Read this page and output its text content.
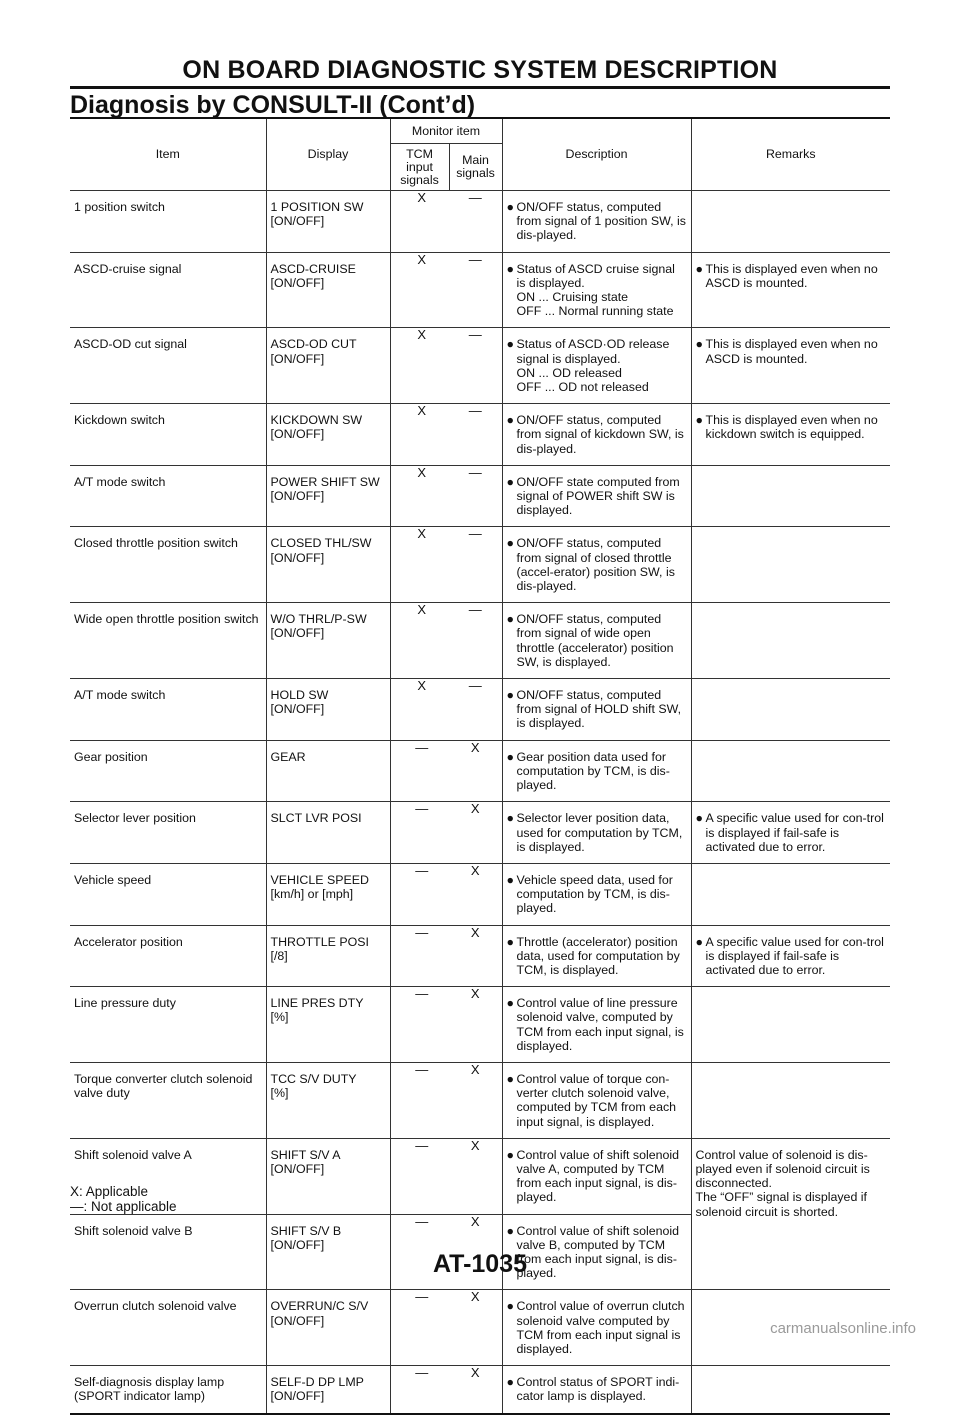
ON BOARD DIAGNOSTIC SYSTEM DESCRIPTION
Diagnosis by CONSULT-II (Cont’d)
Item	Display	Monitor item		Description	Remarks
		TCM input signals	Main signals		
1 position switch	1 POSITION SW
[ON/OFF]	X	—	● ON/OFF status, computed from signal of 1 position SW, is dis-played.	

ASCD-cruise signal	ASCD-CRUISE
[ON/OFF]	X	—	● Status of ASCD cruise signal is displayed.
ON ... Cruising state
OFF ... Normal running state	● This is displayed even when no ASCD is mounted.

ASCD-OD cut signal	ASCD-OD CUT
[ON/OFF]	X	—	● Status of ASCD·OD release signal is displayed.
ON ... OD released
OFF ... OD not released	● This is displayed even when no ASCD is mounted.

Kickdown switch	KICKDOWN SW
[ON/OFF]	X	—	● ON/OFF status, computed from signal of kickdown SW, is dis-played.	● This is displayed even when no kickdown switch is equipped.

A/T mode switch	POWER SHIFT SW
[ON/OFF]	X	—	● ON/OFF state computed from signal of POWER shift SW is displayed.	

Closed throttle position switch	CLOSED THL/SW
[ON/OFF]	X	—	● ON/OFF status, computed from signal of closed throttle (accel-erator) position SW, is dis-played.	

Wide open throttle position switch	W/O THRL/P-SW
[ON/OFF]	X	—	● ON/OFF status, computed from signal of wide open throttle (accelerator) position SW, is displayed.	

A/T mode switch	HOLD SW
[ON/OFF]	X	—	● ON/OFF status, computed from signal of HOLD shift SW, is displayed.	

Gear position	GEAR	—	X	● Gear position data used for computation by TCM, is dis-played.	

Selector lever position	SLCT LVR POSI	—	X	● Selector lever position data, used for computation by TCM, is displayed.	● A specific value used for con-trol is displayed if fail-safe is activated due to error.

Vehicle speed	VEHICLE SPEED
[km/h] or [mph]	—	X	● Vehicle speed data, used for computation by TCM, is dis-played.	

Accelerator position	THROTTLE POSI
[/8]	—	X	● Throttle (accelerator) position data, used for computation by TCM, is displayed.	● A specific value used for con-trol is displayed if fail-safe is activated due to error.

Line pressure duty	LINE PRES DTY
[%]	—	X	● Control value of line pressure solenoid valve, computed by TCM from each input signal, is displayed.	

Torque converter clutch solenoid valve duty	TCC S/V DUTY
[%]	—	X	● Control value of torque con-verter clutch solenoid valve, computed by TCM from each input signal, is displayed.	

Shift solenoid valve A	SHIFT S/V A
[ON/OFF]	—	X	● Control value of shift solenoid valve A, computed by TCM from each input signal, is dis-played.	Control value of solenoid is dis-played even if solenoid circuit is disconnected.
The “OFF” signal is displayed if solenoid circuit is shorted.
Shift solenoid valve B	SHIFT S/V B
[ON/OFF]	—	X	● Control value of shift solenoid valve B, computed by TCM from each input signal, is dis-played.	

Overrun clutch solenoid valve	OVERRUN/C S/V
[ON/OFF]	—	X	● Control value of overrun clutch solenoid valve computed by TCM from each input signal is displayed.	

Self-diagnosis display lamp (SPORT indicator lamp)	SELF-D DP LMP
[ON/OFF]	—	X	● Control status of SPORT indi-cator lamp is displayed.	

X: Applicable
—: Not applicable
AT-1035
carmanualsonline.info
